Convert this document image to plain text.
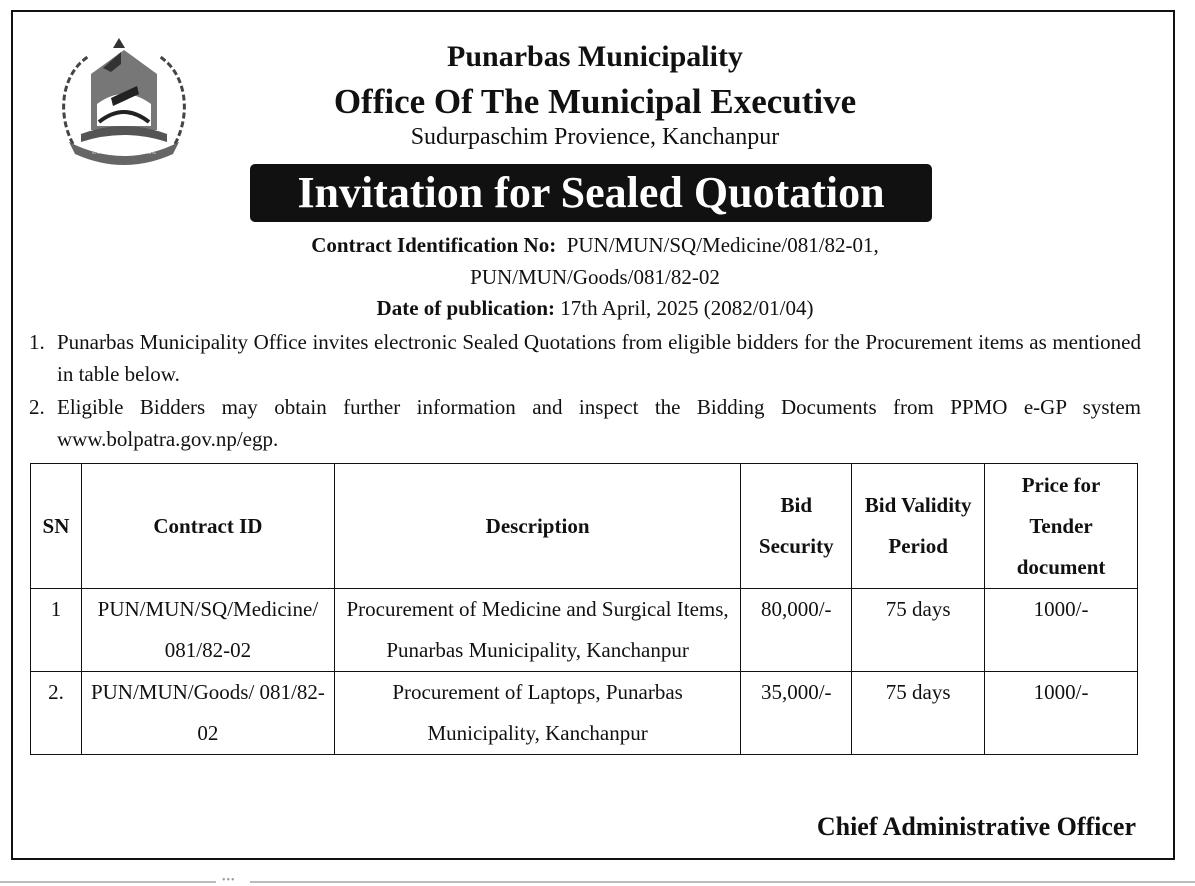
~~~~~~~~~~~~~
Punarbas Municipality
Office Of The Municipal Executive
Sudurpaschim Provience, Kanchanpur
Invitation for Sealed Quotation
Contract Identification No: PUN/MUN/SQ/Medicine/081/82-01,
PUN/MUN/Goods/081/82-02
Date of publication: 17th April, 2025 (2082/01/04)
1. Punarbas Municipality Office invites electronic Sealed Quotations from eligible bidders for the Procurement items as mentioned in table below.
2. Eligible Bidders may obtain further information and inspect the Bidding Documents from PPMO e-GP system www.bolpatra.gov.np/egp.
SN	Contract ID	Description	Bid Security	Bid Validity Period	Price for Tender document
1	PUN/MUN/SQ/Medicine/ 081/82-02	Procurement of Medicine and Surgical Items, Punarbas Municipality, Kanchanpur	80,000/-	75 days	1000/-
2.	PUN/MUN/Goods/ 081/82-02	Procurement of Laptops, Punarbas Municipality, Kanchanpur	35,000/-	75 days	1000/-
Chief Administrative Officer
•••
